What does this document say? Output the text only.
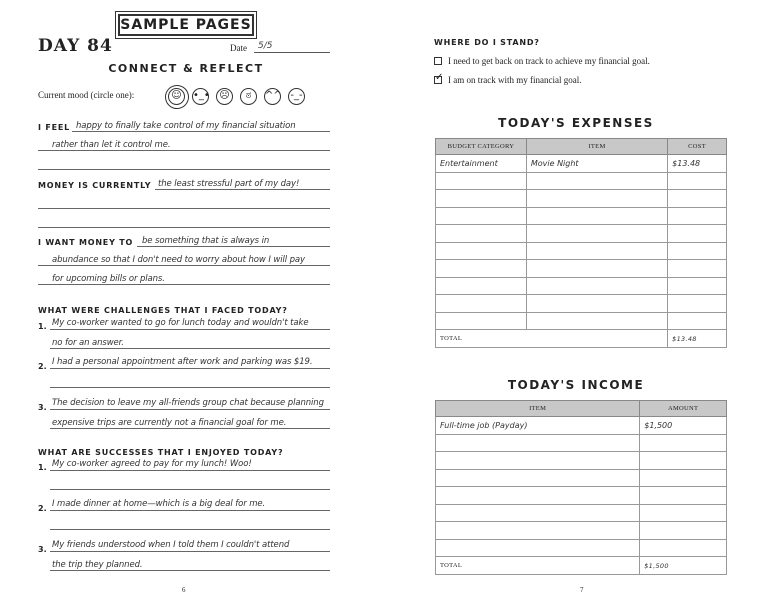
SAMPLE PAGES
DAY 84	Date 5/5
CONNECT & REFLECT
Current mood (circle one):	☺	•_• ☹	ಠ	^^ -_-
I FEEL happy to finally take control of my financial situation
rather than let it control me.
MONEY IS CURRENTLY the least stressful part of my day!
I WANT MONEY TO be something that is always in
abundance so that I don't need to worry about how I will pay
for upcoming bills or plans.
WHAT WERE CHALLENGES THAT I FACED TODAY?
1. My co-worker wanted to go for lunch today and wouldn't take
no for an answer.
2. I had a personal appointment after work and parking was $19.
3. The decision to leave my all-friends group chat because planning
expensive trips are currently not a financial goal for me.
WHAT ARE SUCCESSES THAT I ENJOYED TODAY?
1. My co-worker agreed to pay for my lunch! Woo!
2. I made dinner at home—which is a big deal for me.
3. My friends understood when I told them I couldn't attend
the trip they planned.
6
WHERE DO I STAND?
I need to get back on track to achieve my financial goal.
✓
I am on track with my financial goal.
TODAY'S EXPENSES
BUDGET CATEGORY	ITEM	COST
Entertainment	Movie Night	$13.48

TOTAL		$13.48
TODAY'S INCOME
ITEM	AMOUNT
Full-time job (Payday)	$1,500

TOTAL	$1,500
7
